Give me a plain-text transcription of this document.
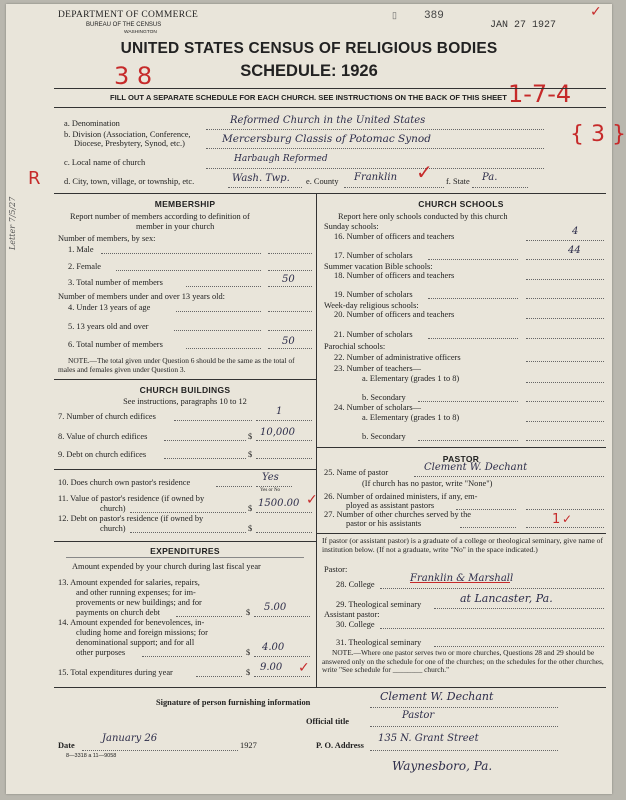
DEPARTMENT OF COMMERCE
BUREAU OF THE CENSUS
WASHINGTON
▯ 389
JAN 27 1927
✓
UNITED STATES CENSUS OF RELIGIOUS BODIES
SCHEDULE: 1926
3 8
1-7-4
FILL OUT A SEPARATE SCHEDULE FOR EACH CHURCH. SEE INSTRUCTIONS ON THE BACK OF THIS SHEET
a. Denomination	Reformed Church in the United States
b. Division (Association, Conference,
Diocese, Presbytery, Synod, etc.)	Mercersburg Classis of Potomac Synod	{ 3 }
c. Local name of church	Harbaugh Reformed
R	d. City, town, village, or township, etc.	Wash. Twp. e. County Franklin ✓ f. State Pa.
Letter 7/5/27	MEMBERSHIP
Report number of members according to definition of
member in your church
Number of members, by sex:
1. Male
2. Female
3. Total number of members	50
Number of members under and over 13 years old:
4. Under 13 years of age
5. 13 years old and over
6. Total number of members	50
NOTE.—The total given under Question 6 should be the same as the total of males and females given under Question 3.
CHURCH BUILDINGS
See instructions, paragraphs 10 to 12
7. Number of church edifices	1
8. Value of church edifices	$ 10,000
9. Debt on church edifices	$
10. Does church own pastor's residence	Yes
Yes or No
11. Value of pastor's residence (if owned by
church)	$ 1500.00 ✓
12. Debt on pastor's residence (if owned by
church)	$
EXPENDITURES
Amount expended by your church during last fiscal year
13. Amount expended for salaries, repairs,
and other running expenses; for im-
provements or new buildings; and for
payments on church debt	$ 5.00
14. Amount expended for benevolences, in-
cluding home and foreign missions; for
denominational support; and for all
other purposes	$ 4.00
15. Total expenditures during year	$ 9.00 ✓
CHURCH SCHOOLS
Report here only schools conducted by this church
Sunday schools:
16. Number of officers and teachers	4
17. Number of scholars	44
Summer vacation Bible schools:
18. Number of officers and teachers
19. Number of scholars
Week-day religious schools:
20. Number of officers and teachers
21. Number of scholars
Parochial schools:
22. Number of administrative officers
23. Number of teachers—
a. Elementary (grades 1 to 8)
b. Secondary
24. Number of scholars—
a. Elementary (grades 1 to 8)
b. Secondary
PASTOR
25. Name of pastor	Clement W. Dechant
(If church has no pastor, write "None")
26. Number of ordained ministers, if any, em-
ployed as assistant pastors
27. Number of other churches served by the
pastor or his assistants	1 ✓
If pastor (or assistant pastor) is a graduate of a college or theological seminary, give name of institution below. (If not a graduate, write "No" in the space indicated.)
Pastor:
28. College
Franklin & Marshall
29. Theological seminary	at Lancaster, Pa.
Assistant pastor:
30. College
31. Theological seminary
NOTE.—Where one pastor serves two or more churches, Questions 28 and 29 should be answered only on the schedule for one of the churches; on the schedules for the other churches, write "See schedule for ________ church."
Signature of person furnishing information	Clement W. Dechant
Official title
Pastor
Date
January 26
1927
8—3318 a 11—9058
P. O. Address
135 N. Grant Street
Waynesboro, Pa.
